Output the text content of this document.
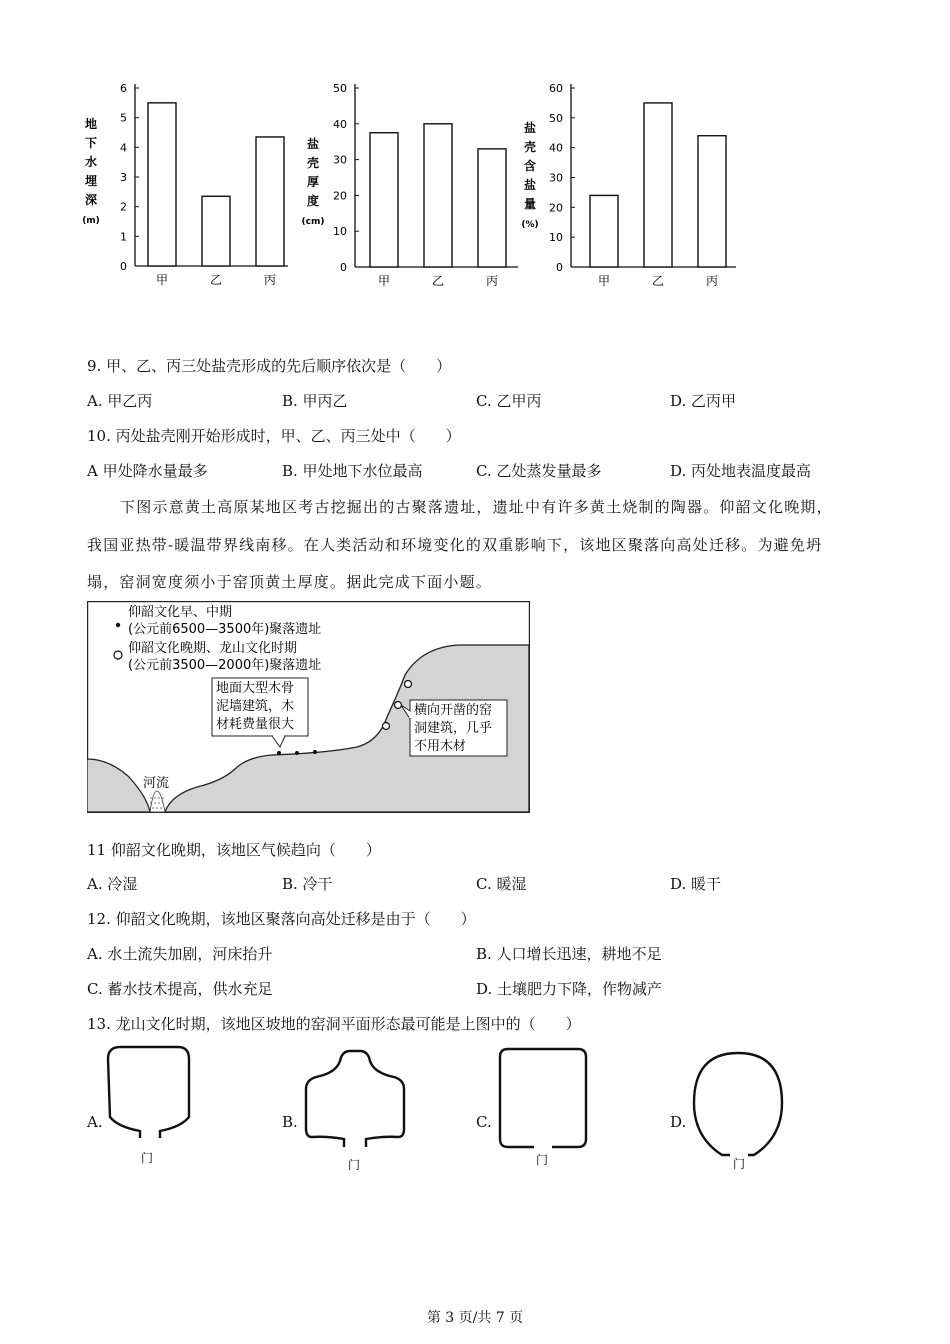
地
下
水
埋
深
(m)
0
1
2
3
4
5
6
甲	乙	丙
盐
壳
厚
度
(cm)
0
10
20
30
40
50
甲	乙	丙
盐
壳
含
盐
量
(%)
0
10
20
30
40
50
60
甲	乙	丙
9. 甲、乙、丙三处盐壳形成的先后顺序依次是（　　）
A. 甲乙丙	B. 甲丙乙	C. 乙甲丙	D. 乙丙甲
10. 丙处盐壳刚开始形成时，甲、乙、丙三处中（　　）
A 甲处降水量最多	B. 甲处地下水位最高	C. 乙处蒸发量最多	D. 丙处地表温度最高
下图示意黄土高原某地区考古挖掘出的古聚落遗址，遗址中有许多黄土烧制的陶器。仰韶文化晚期，
我国亚热带-暖温带界线南移。在人类活动和环境变化的双重影响下，该地区聚落向高处迁移。为避免坍
塌，窑洞宽度须小于窑顶黄土厚度。据此完成下面小题。
河流
仰韶文化早、中期
(公元前6500—3500年)聚落遗址
仰韶文化晚期、龙山文化时期
(公元前3500—2000年)聚落遗址
地面大型木骨
泥墙建筑，木
材耗费量很大
横向开凿的窑
洞建筑，几乎
不用木材
11 仰韶文化晚期，该地区气候趋向（　　）
A. 冷湿	B. 冷干	C. 暖湿	D. 暖干
12. 仰韶文化晚期，该地区聚落向高处迁移是由于（　　）
A. 水土流失加剧，河床抬升	B. 人口增长迅速，耕地不足
C. 蓄水技术提高，供水充足	D. 土壤肥力下降，作物减产
13. 龙山文化时期，该地区坡地的窑洞平面形态最可能是上图中的（　　）
A.
门
B.
门
C.
门
D.
门
第 3 页/共 7 页
